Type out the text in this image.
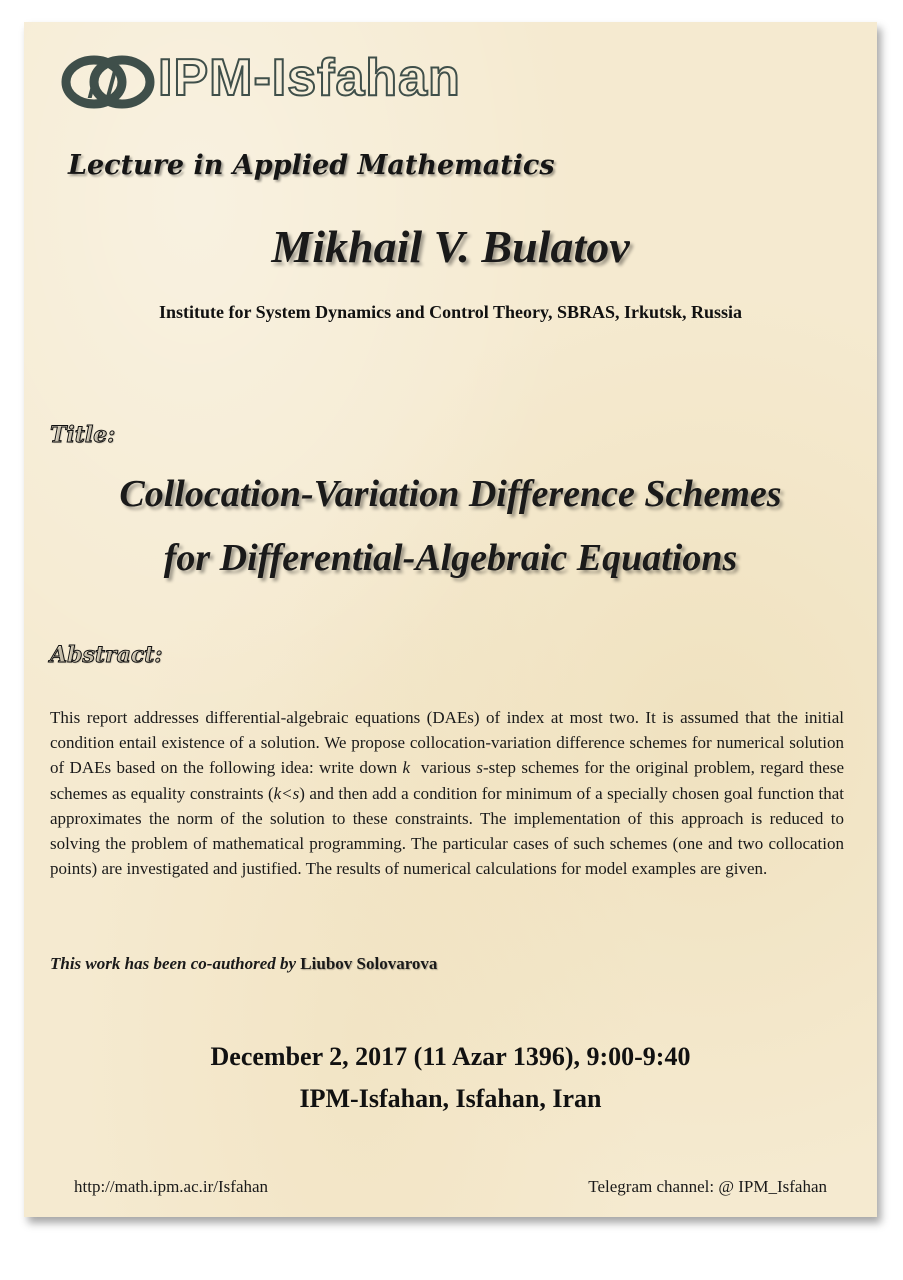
IPM-Isfahan
Lecture in Applied Mathematics
Mikhail V. Bulatov
Institute for System Dynamics and Control Theory, SBRAS, Irkutsk, Russia
Title:
Collocation-Variation Difference Schemes
for Differential-Algebraic Equations
Abstract:
This report addresses differential-algebraic equations (DAEs) of index at most two. It is assumed that the initial condition entail existence of a solution. We propose collocation-variation difference schemes for numerical solution of DAEs based on the following idea: write down k  various s-step schemes for the original problem, regard these schemes as equality constraints (k<s) and then add a condition for minimum of a specially chosen goal function that approximates the norm of the solution to these constraints. The implementation of this approach is reduced to solving the problem of mathematical programming. The particular cases of such schemes (one and two collocation points) are investigated and justified. The results of numerical calculations for model examples are given.
This work has been co-authored by Liubov Solovarova
December 2, 2017 (11 Azar 1396), 9:00-9:40
IPM-Isfahan, Isfahan, Iran
http://math.ipm.ac.ir/Isfahan	Telegram channel: @ IPM_Isfahan
